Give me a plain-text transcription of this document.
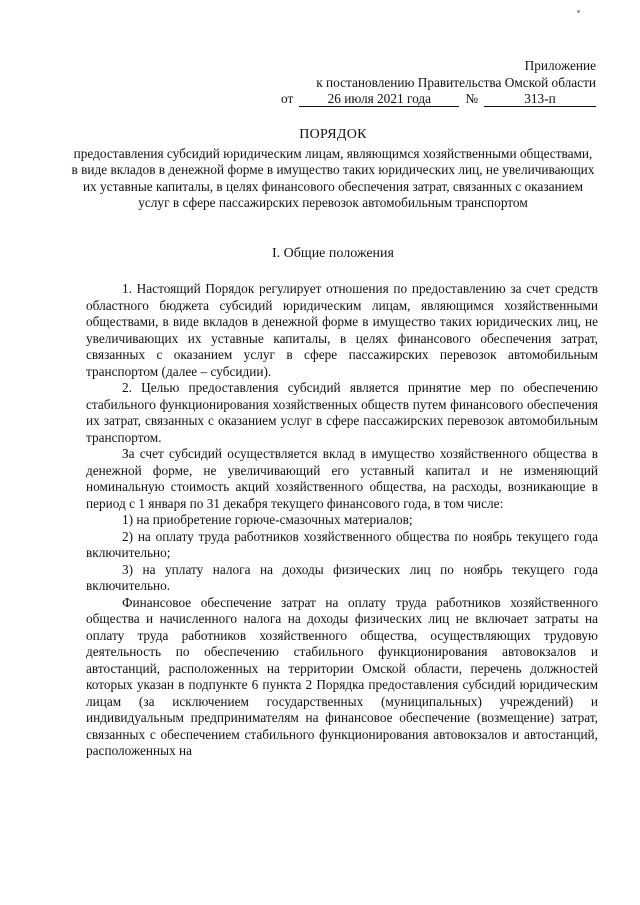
Приложение
к постановлению Правительства Омской области
от	26 июля 2021 года	№	313-п
ПОРЯДОК
предоставления субсидий юридическим лицам, являющимся хозяйственными обществами, в виде вкладов в денежной форме в имущество таких юридических лиц, не увеличивающих их уставные капиталы, в целях финансового обеспечения затрат, связанных с оказанием услуг в сфере пассажирских перевозок автомобильным транспортом
I. Общие положения

1. Настоящий Порядок регулирует отношения по предоставлению за счет средств областного бюджета субсидий юридическим лицам, являющимся хозяйственными обществами, в виде вкладов в денежной форме в имущество таких юридических лиц, не увеличивающих их уставные капиталы, в целях финансового обеспечения затрат, связанных с оказанием услуг в сфере пассажирских перевозок автомобильным транспортом (далее – субсидии).

2. Целью предоставления субсидий является принятие мер по обеспечению стабильного функционирования хозяйственных обществ путем финансового обеспечения их затрат, связанных с оказанием услуг в сфере пассажирских перевозок автомобильным транспортом.

За счет субсидий осуществляется вклад в имущество хозяйственного общества в денежной форме, не увеличивающий его уставный капитал и не изменяющий номинальную стоимость акций хозяйственного общества, на расходы, возникающие в период с 1 января по 31 декабря текущего финансового года, в том числе:

1) на приобретение горюче-смазочных материалов;

2) на оплату труда работников хозяйственного общества по ноябрь текущего года включительно;

3) на уплату налога на доходы физических лиц по ноябрь текущего года включительно.

Финансовое обеспечение затрат на оплату труда работников хозяйственного общества и начисленного налога на доходы физических лиц не включает затраты на оплату труда работников хозяйственного общества, осуществляющих трудовую деятельность по обеспечению стабильного функционирования автовокзалов и автостанций, расположенных на территории Омской области, перечень должностей которых указан в подпункте 6 пункта 2 Порядка предоставления субсидий юридическим лицам (за исключением государственных (муниципальных) учреждений) и индивидуальным предпринимателям на финансовое обеспечение (возмещение) затрат, связанных с обеспечением стабильного функционирования автовокзалов и автостанций, расположенных на
